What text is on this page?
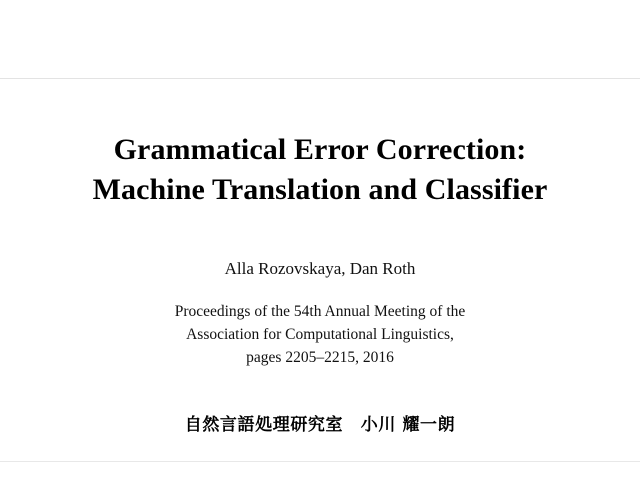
Grammatical Error Correction:
Machine Translation and Classifier
Alla Rozovskaya, Dan Roth
Proceedings of the 54th Annual Meeting of the
Association for Computational Linguistics,
pages 2205–2215, 2016
自然言語処理研究室　小川 耀一朗
